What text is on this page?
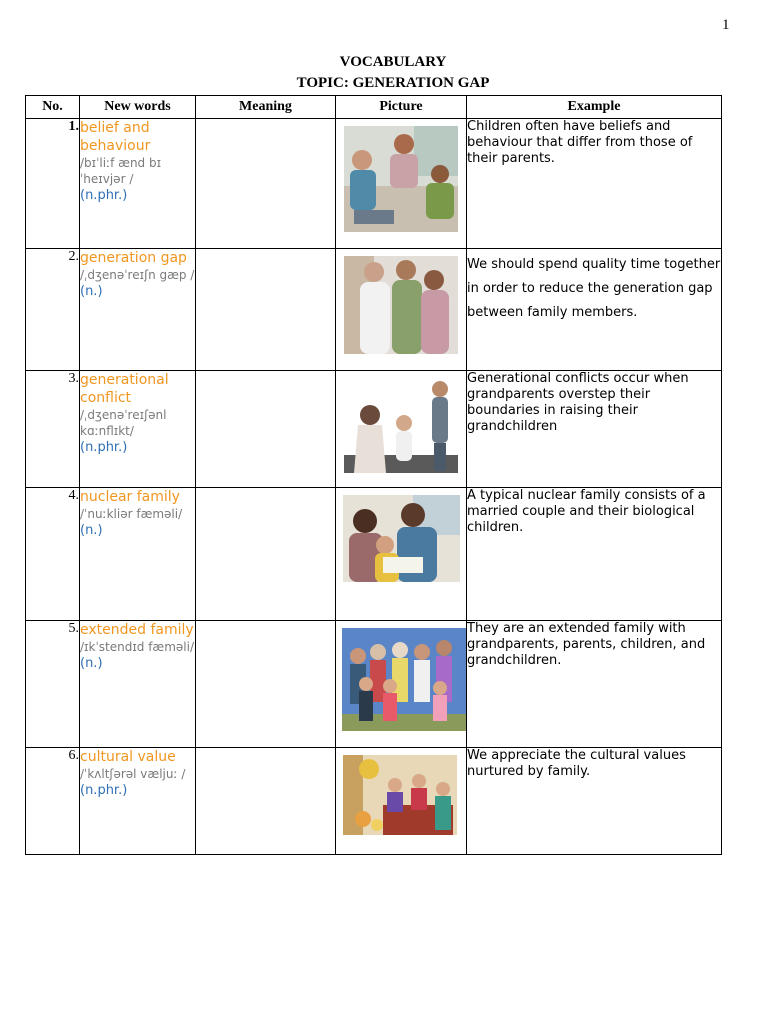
1
VOCABULARY
TOPIC: GENERATION GAP
No.	New words	Meaning	Picture	Example
1.	belief and behaviour
/bɪˈliːf ænd bɪ ˈheɪvjər /
(n.phr.)			Children often have beliefs and behaviour that differ from those of their parents.
2.	generation gap
/ˌdʒenəˈreɪʃn gæp /
(n.)			We should spend quality time together in order to reduce the generation gap between family members.
3.	generational conflict
/ˌdʒenəˈreɪʃənl kɑːnflɪkt/
(n.phr.)			Generational conflicts occur when grandparents overstep their boundaries in raising their grandchildren
4.	nuclear family
/ˈnuːkliər fæməli/
(n.)			A typical nuclear family consists of a married couple and their biological children.
5.	extended family
/ɪkˈstendɪd fæməli/
(n.)			They are an extended family with grandparents, parents, children, and grandchildren.
6.	cultural value
/ˈkʌltʃərəl væljuː /
(n.phr.)			We appreciate the cultural values nurtured by family.
